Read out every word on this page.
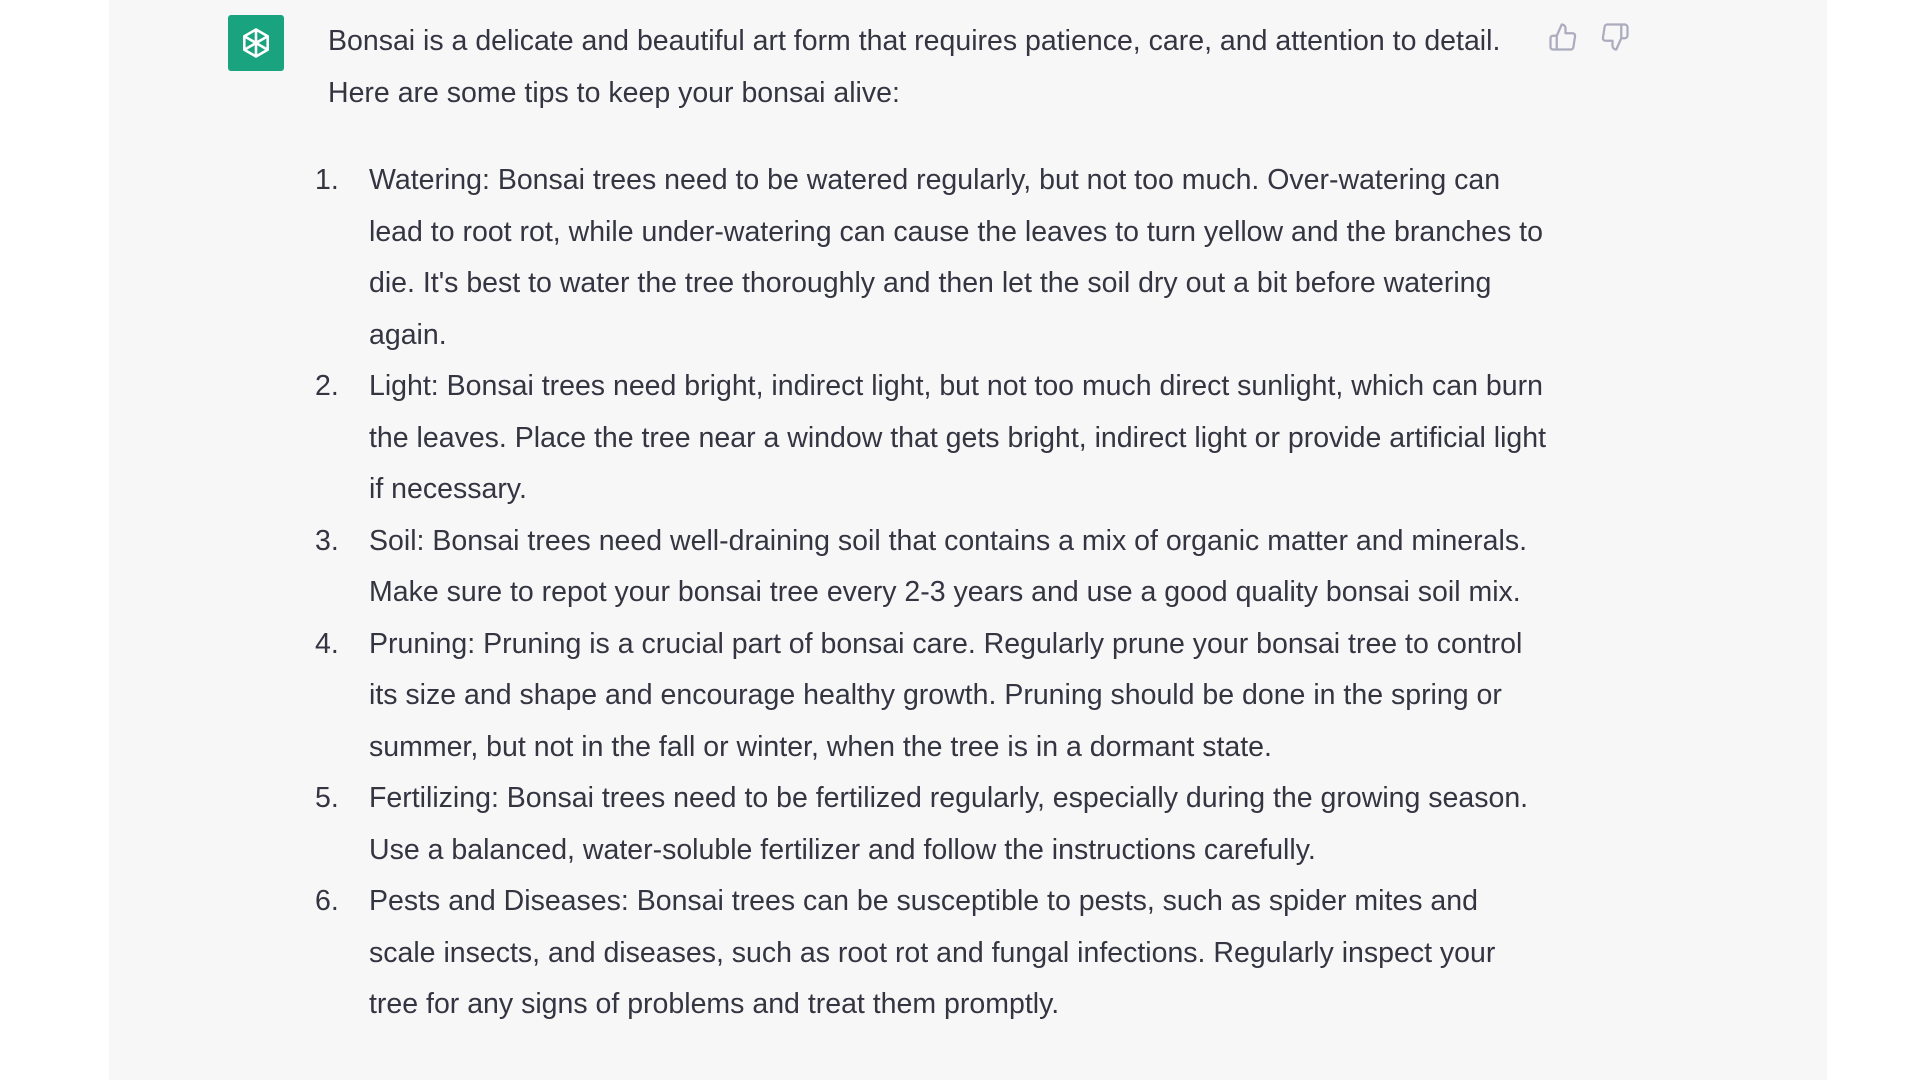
Bonsai is a delicate and beautiful art form that requires patience, care, and attention to detail. Here are some tips to keep your bonsai alive:

1.	Watering: Bonsai trees need to be watered regularly, but not too much. Over-watering can lead to root rot, while under-watering can cause the leaves to turn yellow and the branches to die. It's best to water the tree thoroughly and then let the soil dry out a bit before watering again.
2.	Light: Bonsai trees need bright, indirect light, but not too much direct sunlight, which can burn the leaves. Place the tree near a window that gets bright, indirect light or provide artificial light if necessary.
3.	Soil: Bonsai trees need well-draining soil that contains a mix of organic matter and minerals. Make sure to repot your bonsai tree every 2-3 years and use a good quality bonsai soil mix.
4.	Pruning: Pruning is a crucial part of bonsai care. Regularly prune your bonsai tree to control its size and shape and encourage healthy growth. Pruning should be done in the spring or summer, but not in the fall or winter, when the tree is in a dormant state.
5.	Fertilizing: Bonsai trees need to be fertilized regularly, especially during the growing season. Use a balanced, water-soluble fertilizer and follow the instructions carefully.
6.	Pests and Diseases: Bonsai trees can be susceptible to pests, such as spider mites and scale insects, and diseases, such as root rot and fungal infections. Regularly inspect your tree for any signs of problems and treat them promptly.
